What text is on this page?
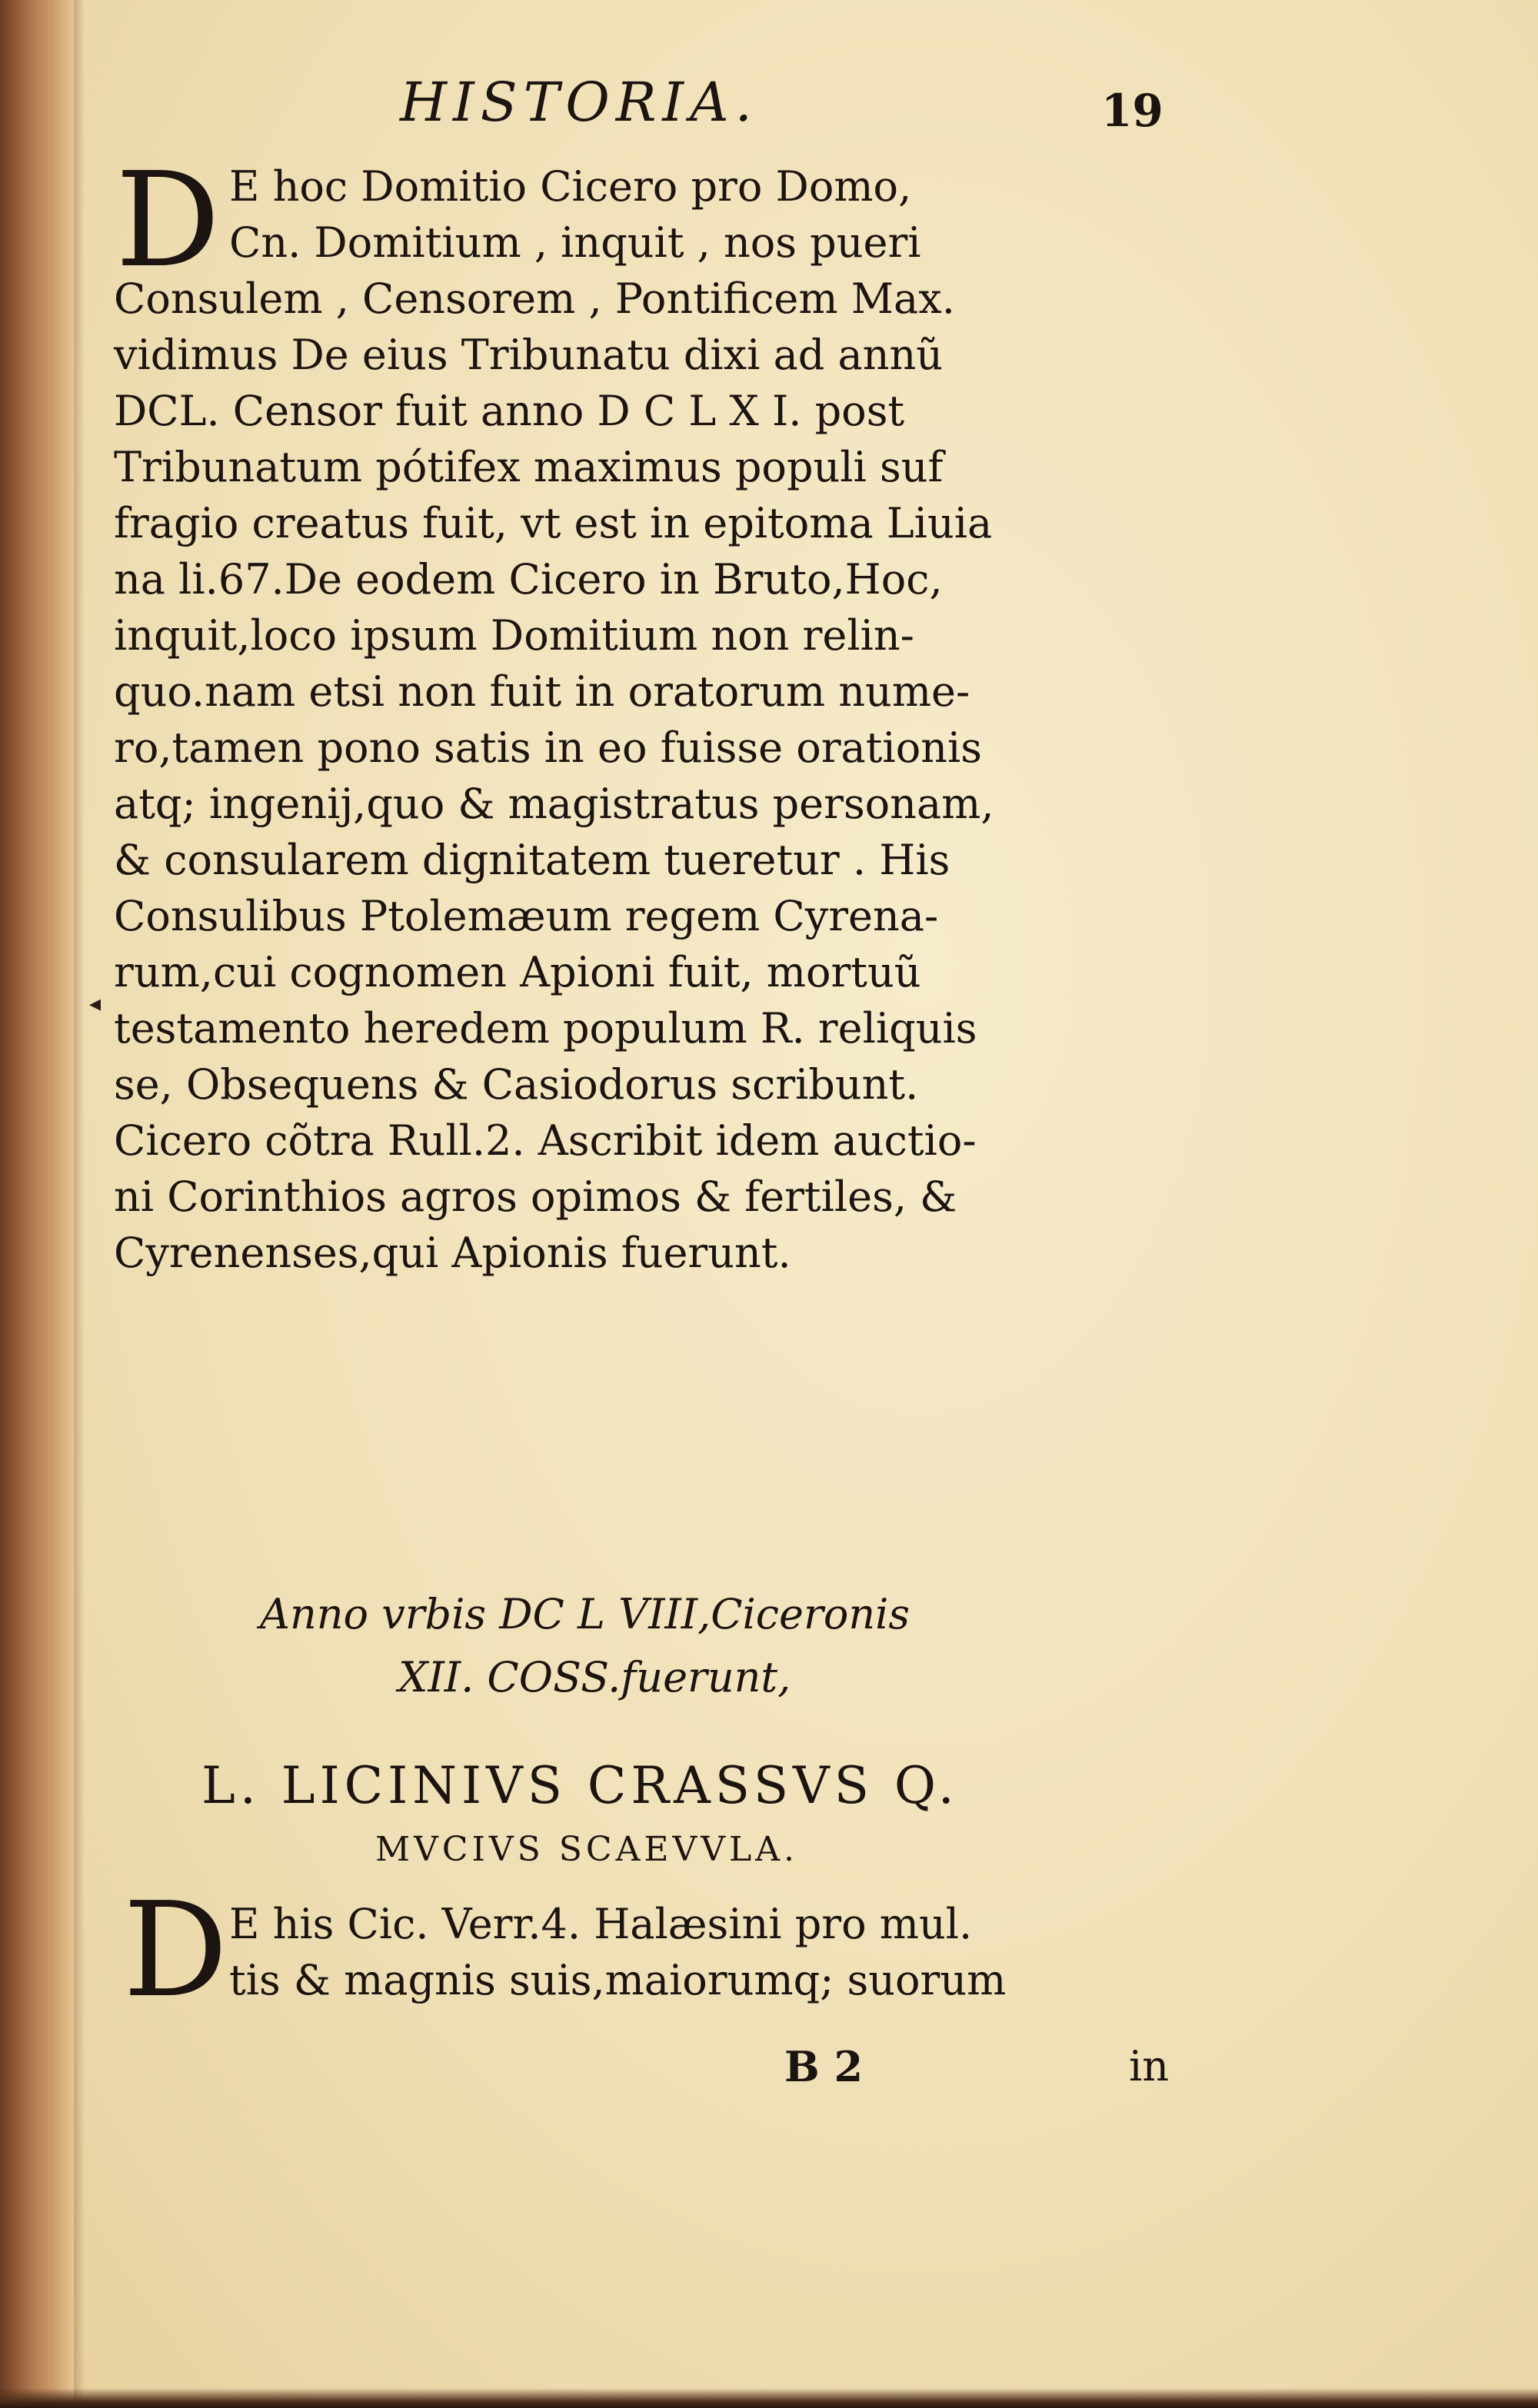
HISTORIA.	19
D E hoc Domitio Cicero pro Domo,
Cn. Domitium , inquit , nos pueri
Consulem , Censorem , Pontificem Max.
vidimus De eius Tribunatu dixi ad annũ
DCL. Censor fuit anno D C L X I. post
Tribunatum pótifex maximus populi suf
fragio creatus fuit, vt est in epitoma Liuia
na li.67.De eodem Cicero in Bruto,Hoc,
inquit,loco ipsum Domitium non relin-
quo.nam etsi non fuit in oratorum nume-
ro,tamen pono satis in eo fuisse orationis
atq; ingenij,quo & magistratus personam,
& consularem dignitatem tueretur . His
Consulibus Ptolemæum regem Cyrena-
rum,cui cognomen Apioni fuit, mortuũ
testamento heredem populum R. reliquis
se, Obsequens & Casiodorus scribunt.
Cicero cõtra Rull.2. Ascribit idem auctio-
ni Corinthios agros opimos & fertiles, &
Cyrenenses,qui Apionis fuerunt.
◂
Anno vrbis DC L VIII,Ciceronis
XII. COSS.fuerunt,
L. LICINIVS CRASSVS Q.
MVCIVS SCAEVVLA.
D E his Cic. Verr.4. Halæsini pro mul.
tis & magnis suis,maiorumq; suorum
B 2	in
